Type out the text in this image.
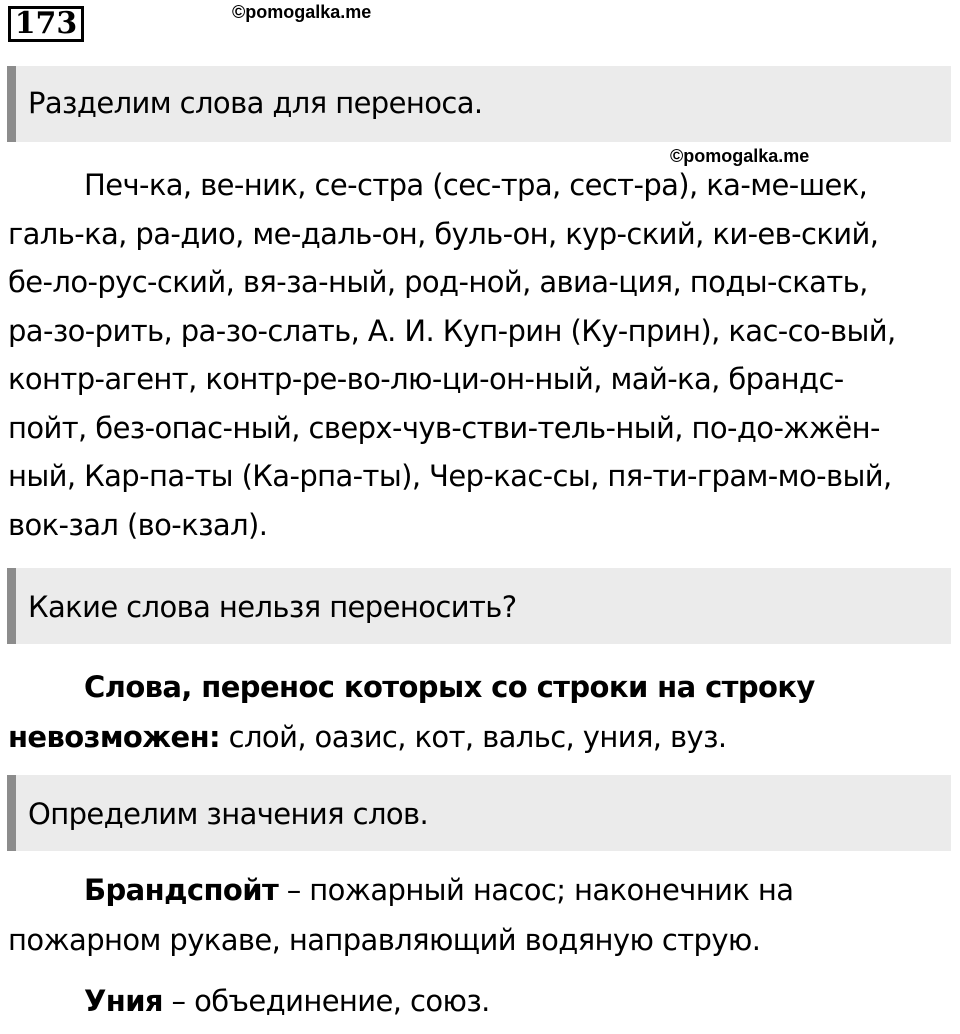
173	©pomogalka.me
Разделим слова для переноса.
©pomogalka.me
Печ-ка, ве-ник, се-стра (сес-тра, сест-ра), ка-ме-шек,
галь-ка, ра-дио, ме-даль-он, буль-он, кур-ский, ки-ев-ский,
бе-ло-рус-ский, вя-за-ный, род-ной, авиа-ция, поды-скать,
ра-зо-рить, ра-зо-слать, А. И. Куп-рин (Ку-прин), кас-со-вый,
контр-агент, контр-ре-во-лю-ци-он-ный, май-ка, брандс-
пойт, без-опас-ный, сверх-чув-стви-тель-ный, по-до-жжён-
ный, Кар-па-ты (Ка-рпа-ты), Чер-кас-сы, пя-ти-грам-мо-вый,
вок-зал (во-кзал).
Какие слова нельзя переносить?
Слова, перенос которых со строки на строку
невозможен: слой, оазис, кот, вальс, уния, вуз.
Определим значения слов.
Брандспойт – пожарный насос; наконечник на
пожарном рукаве, направляющий водяную струю.
Уния – объединение, союз.
